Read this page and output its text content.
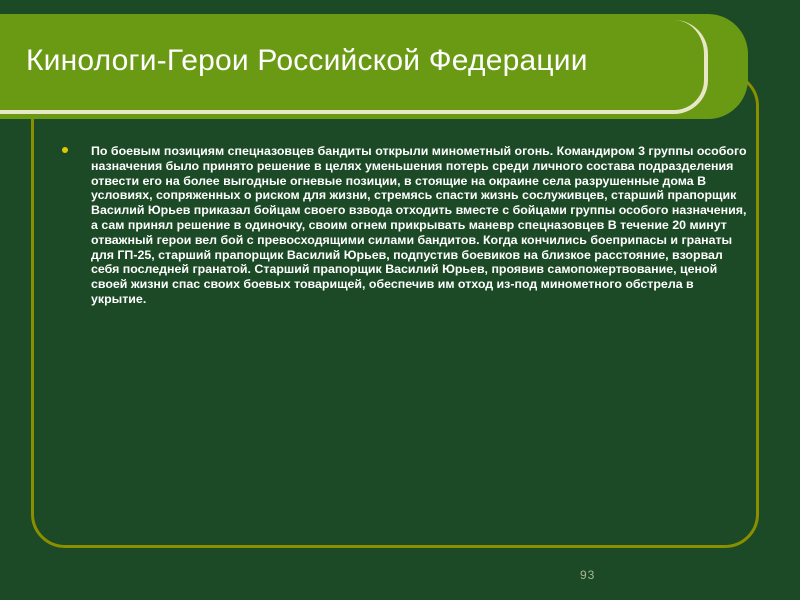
Кинологи-Герои Российской Федерации
По боевым позициям спецназовцев бандиты открыли минометный огонь. Командиром 3 группы особого назначения было принято решение в целях уменьшения потерь среди личного состава подразделения отвести его на более выгодные огневые позиции, в стоящие на окраине села разрушенные дома В условиях, сопряженных о риском для жизни, стремясь спасти жизнь сослуживцев, старший прапорщик Василий Юрьев приказал бойцам своего взвода отходить вместе с бойцами группы особого назначения, а сам принял решение в одиночку, своим огнем прикрывать маневр спецназовцев В течение 20 минут отважный герои вел бой с превосходящими силами бандитов. Когда кончились боеприпасы и гранаты для ГП-25, старший прапорщик Василий Юрьев, подпустив боевиков на близкое расстояние, взорвал себя последней гранатой. Старший прапорщик Василий Юрьев, проявив самопожертвование, ценой своей жизни спас своих боевых товарищей, обеспечив им отход из-под минометного обстрела в укрытие.
93
